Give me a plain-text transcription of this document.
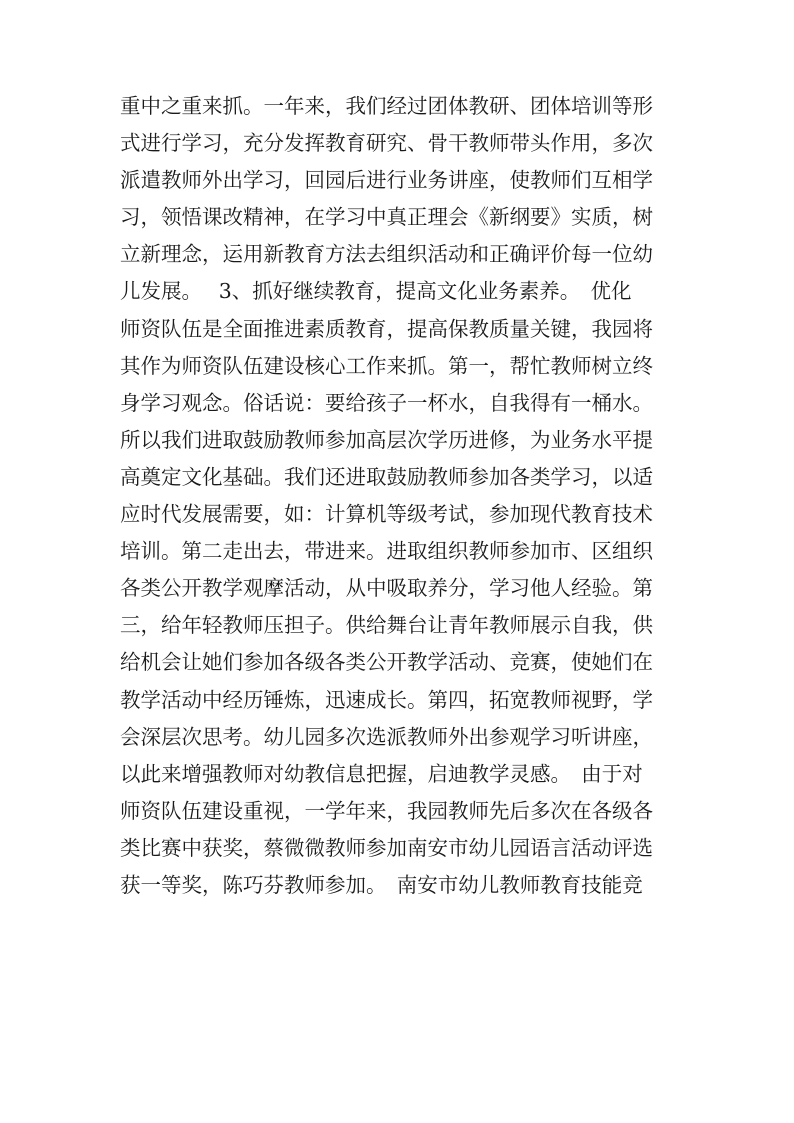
重中之重来抓。一年来，我们经过团体教研、团体培训等形
式进行学习，充分发挥教育研究、骨干教师带头作用，多次
派遣教师外出学习，回园后进行业务讲座，使教师们互相学
习，领悟课改精神，在学习中真正理会《新纲要》实质，树
立新理念，运用新教育方法去组织活动和正确评价每一位幼
儿发展。　 3、抓好继续教育，提高文化业务素养。　优化
师资队伍是全面推进素质教育，提高保教质量关键，我园将
其作为师资队伍建设核心工作来抓。第一，帮忙教师树立终
身学习观念。俗话说：要给孩子一杯水，自我得有一桶水。
所以我们进取鼓励教师参加高层次学历进修，为业务水平提
高奠定文化基础。我们还进取鼓励教师参加各类学习，以适
应时代发展需要，如：计算机等级考试，参加现代教育技术
培训。第二走出去，带进来。进取组织教师参加市、区组织
各类公开教学观摩活动，从中吸取养分，学习他人经验。第
三，给年轻教师压担子。供给舞台让青年教师展示自我，供
给机会让她们参加各级各类公开教学活动、竞赛，使她们在
教学活动中经历锤炼，迅速成长。第四，拓宽教师视野，学
会深层次思考。幼儿园多次选派教师外出参观学习听讲座，
以此来增强教师对幼教信息把握，启迪教学灵感。　由于对
师资队伍建设重视，一学年来，我园教师先后多次在各级各
类比赛中获奖，蔡微微教师参加南安市幼儿园语言活动评选
获一等奖，陈巧芬教师参加。　南安市幼儿教师教育技能竞
